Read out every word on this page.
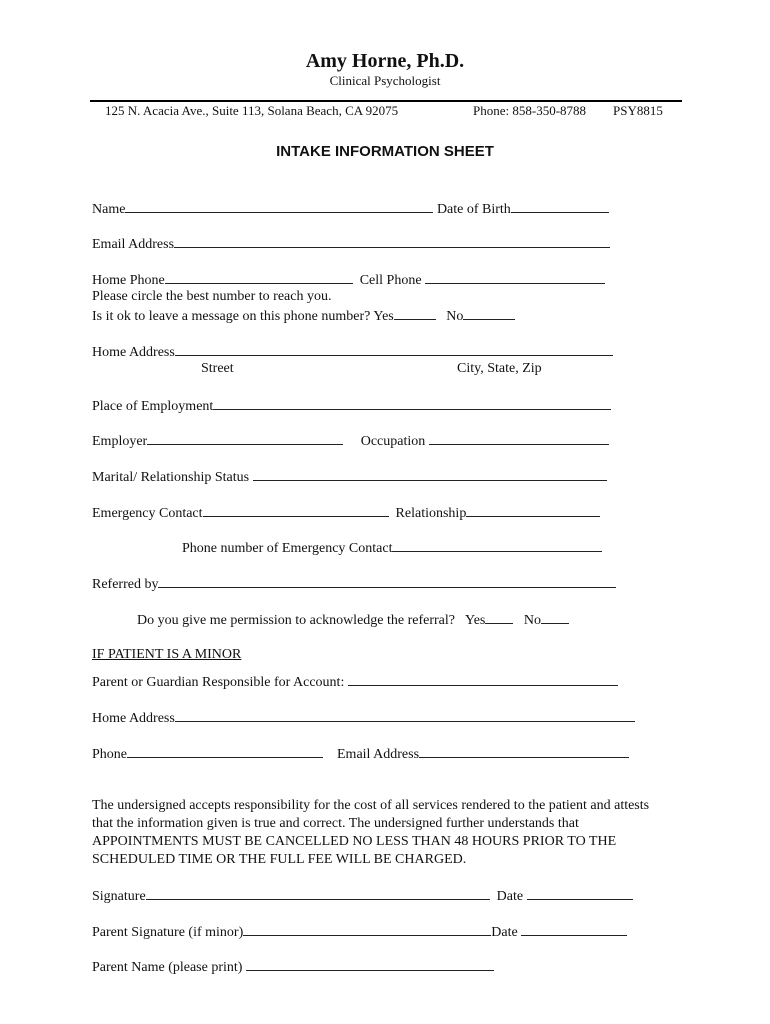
Amy Horne, Ph.D.
Clinical Psychologist
125 N. Acacia Ave., Suite 113, Solana Beach, CA 92075	Phone: 858-350-8788 PSY8815
INTAKE INFORMATION SHEET
Name	Date of Birth
Email Address
Home Phone	Cell Phone
Please circle the best number to reach you.
Is it ok to leave a message on this phone number? Yes	No
Home Address
Street	City, State, Zip
Place of Employment
Employer	Occupation
Marital/ Relationship Status
Emergency Contact	Relationship
Phone number of Emergency Contact
Referred by
Do you give me permission to acknowledge the referral? Yes	No
IF PATIENT IS A MINOR
Parent or Guardian Responsible for Account:
Home Address
Phone	Email Address
The undersigned accepts responsibility for the cost of all services rendered to the patient and attests that the information given is true and correct. The undersigned further understands that APPOINTMENTS MUST BE CANCELLED NO LESS THAN 48 HOURS PRIOR TO THE SCHEDULED TIME OR THE FULL FEE WILL BE CHARGED.
Signature	Date
Parent Signature (if minor)	Date
Parent Name (please print)
